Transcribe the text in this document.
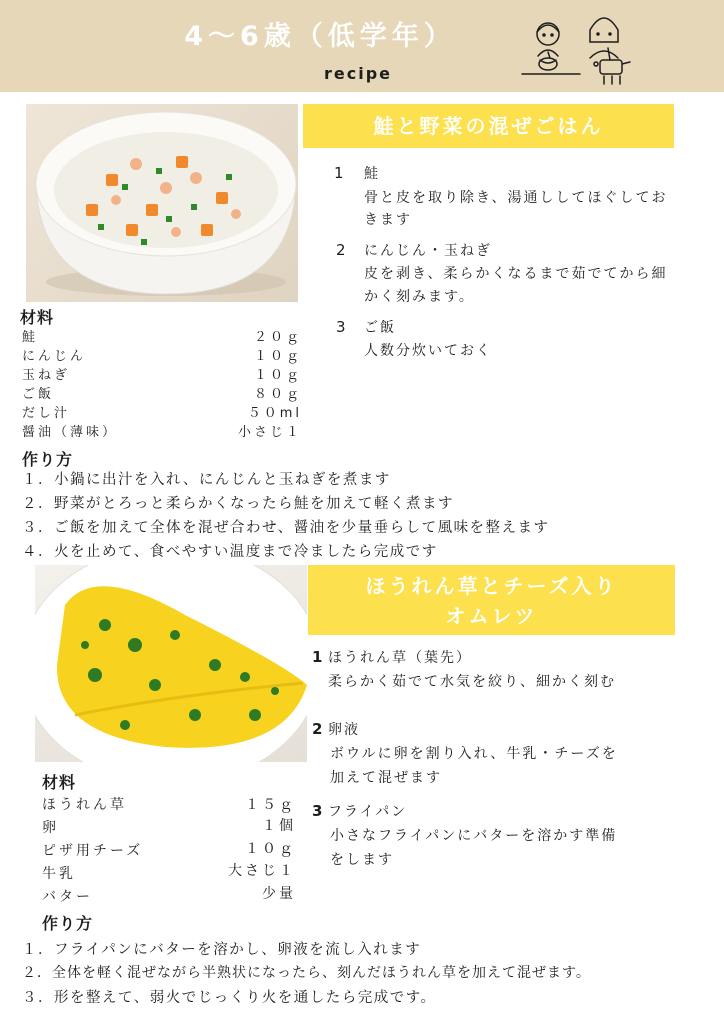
4～6歳（低学年）
recipe
鮭と野菜の混ぜごはん
1 鮭
骨と皮を取り除き、湯通ししてほぐしてお
きます
2 にんじん・玉ねぎ
皮を剥き、柔らかくなるまで茹でてから細
かく刻みます。
3 ご飯
人数分炊いておく
材料
鮭	２０ｇ
にんじん	１０ｇ
玉ねぎ	１０ｇ
ご飯	８０ｇ
だし汁	５０ml
醤油（薄味）	小さじ１
作り方
１．小鍋に出汁を入れ、にんじんと玉ねぎを煮ます
２．野菜がとろっと柔らかくなったら鮭を加えて軽く煮ます
３．ご飯を加えて全体を混ぜ合わせ、醤油を少量垂らして風味を整えます
４．火を止めて、食べやすい温度まで冷ましたら完成です
ほうれん草とチーズ入り
オムレツ
1 ほうれん草（葉先）
柔らかく茹でて水気を絞り、細かく刻む
2 卵液
ボウルに卵を割り入れ、牛乳・チーズを
加えて混ぜます
3 フライパン
小さなフライパンにバターを溶かす準備
をします
材料
ほうれん草	１５ｇ
卵	１個
ピザ用チーズ	１０ｇ
牛乳	大さじ１
バター	少量
作り方
１．フライパンにバターを溶かし、卵液を流し入れます
２．全体を軽く混ぜながら半熟状になったら、刻んだほうれん草を加えて混ぜます。
３．形を整えて、弱火でじっくり火を通したら完成です。
